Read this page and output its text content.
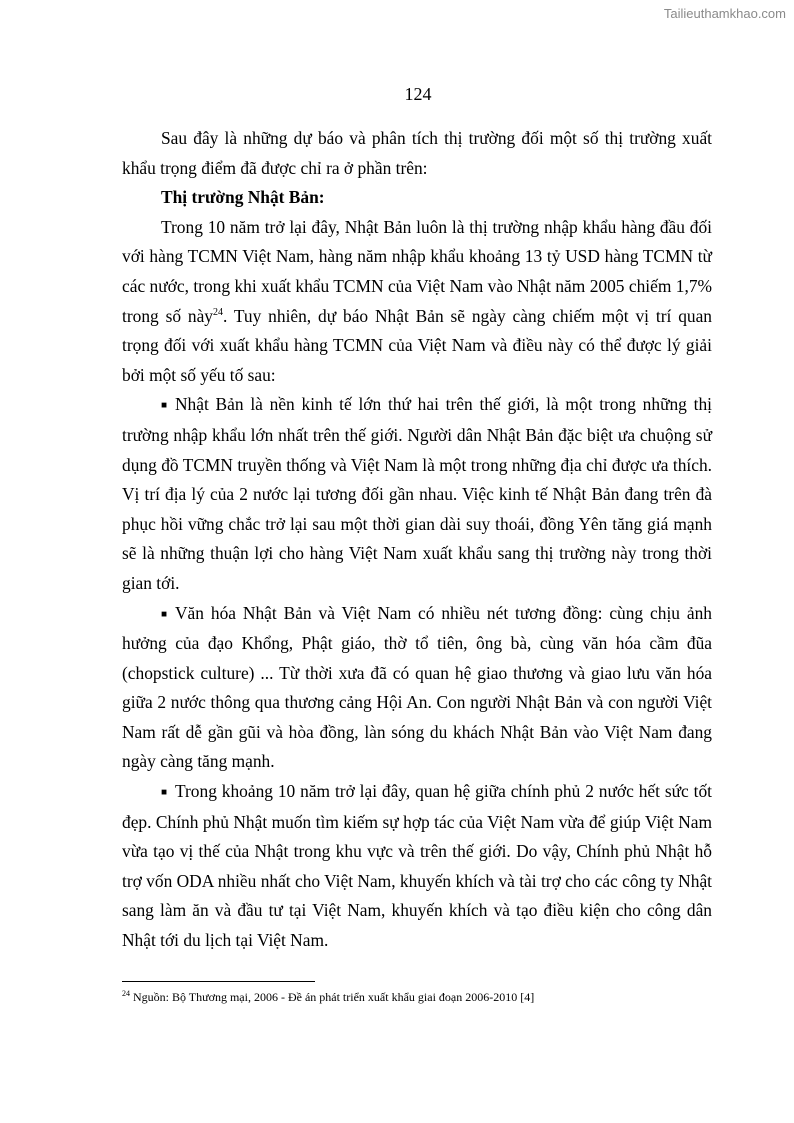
Tailieuthamkhao.com
124

Sau đây là những dự báo và phân tích thị trường đối một số thị trường xuất khẩu trọng điểm đã được chỉ ra ở phần trên:

Thị trường Nhật Bản:

Trong 10 năm trở lại đây, Nhật Bản luôn là thị trường nhập khẩu hàng đầu đối với hàng TCMN Việt Nam, hàng năm nhập khẩu khoảng 13 tỷ USD hàng TCMN từ các nước, trong khi xuất khẩu TCMN của Việt Nam vào Nhật năm 2005 chiếm 1,7% trong số này$^{24}$. Tuy nhiên, dự báo Nhật Bản sẽ ngày càng chiếm một vị trí quan trọng đối với xuất khẩu hàng TCMN của Việt Nam và điều này có thể được lý giải bởi một số yếu tố sau:

■ Nhật Bản là nền kinh tế lớn thứ hai trên thế giới, là một trong những thị trường nhập khẩu lớn nhất trên thế giới. Người dân Nhật Bản đặc biệt ưa chuộng sử dụng đồ TCMN truyền thống và Việt Nam là một trong những địa chỉ được ưa thích. Vị trí địa lý của 2 nước lại tương đối gần nhau. Việc kinh tế Nhật Bản đang trên đà phục hồi vững chắc trở lại sau một thời gian dài suy thoái, đồng Yên tăng giá mạnh sẽ là những thuận lợi cho hàng Việt Nam xuất khẩu sang thị trường này trong thời gian tới.

■ Văn hóa Nhật Bản và Việt Nam có nhiều nét tương đồng: cùng chịu ảnh hưởng của đạo Khổng, Phật giáo, thờ tổ tiên, ông bà, cùng văn hóa cầm đũa (chopstick culture) ... Từ thời xưa đã có quan hệ giao thương và giao lưu văn hóa giữa 2 nước thông qua thương cảng Hội An. Con người Nhật Bản và con người Việt Nam rất dễ gần gũi và hòa đồng, làn sóng du khách Nhật Bản vào Việt Nam đang ngày càng tăng mạnh.

■ Trong khoảng 10 năm trở lại đây, quan hệ giữa chính phủ 2 nước hết sức tốt đẹp. Chính phủ Nhật muốn tìm kiếm sự hợp tác của Việt Nam vừa để giúp Việt Nam vừa tạo vị thế của Nhật trong khu vực và trên thế giới. Do vậy, Chính phủ Nhật hỗ trợ vốn ODA nhiều nhất cho Việt Nam, khuyến khích và tài trợ cho các công ty Nhật sang làm ăn và đầu tư tại Việt Nam, khuyến khích và tạo điều kiện cho công dân Nhật tới du lịch tại Việt Nam.

$^{24}$ Nguồn: Bộ Thương mại, 2006 - Đề án phát triển xuất khẩu giai đoạn 2006-2010 [4]
